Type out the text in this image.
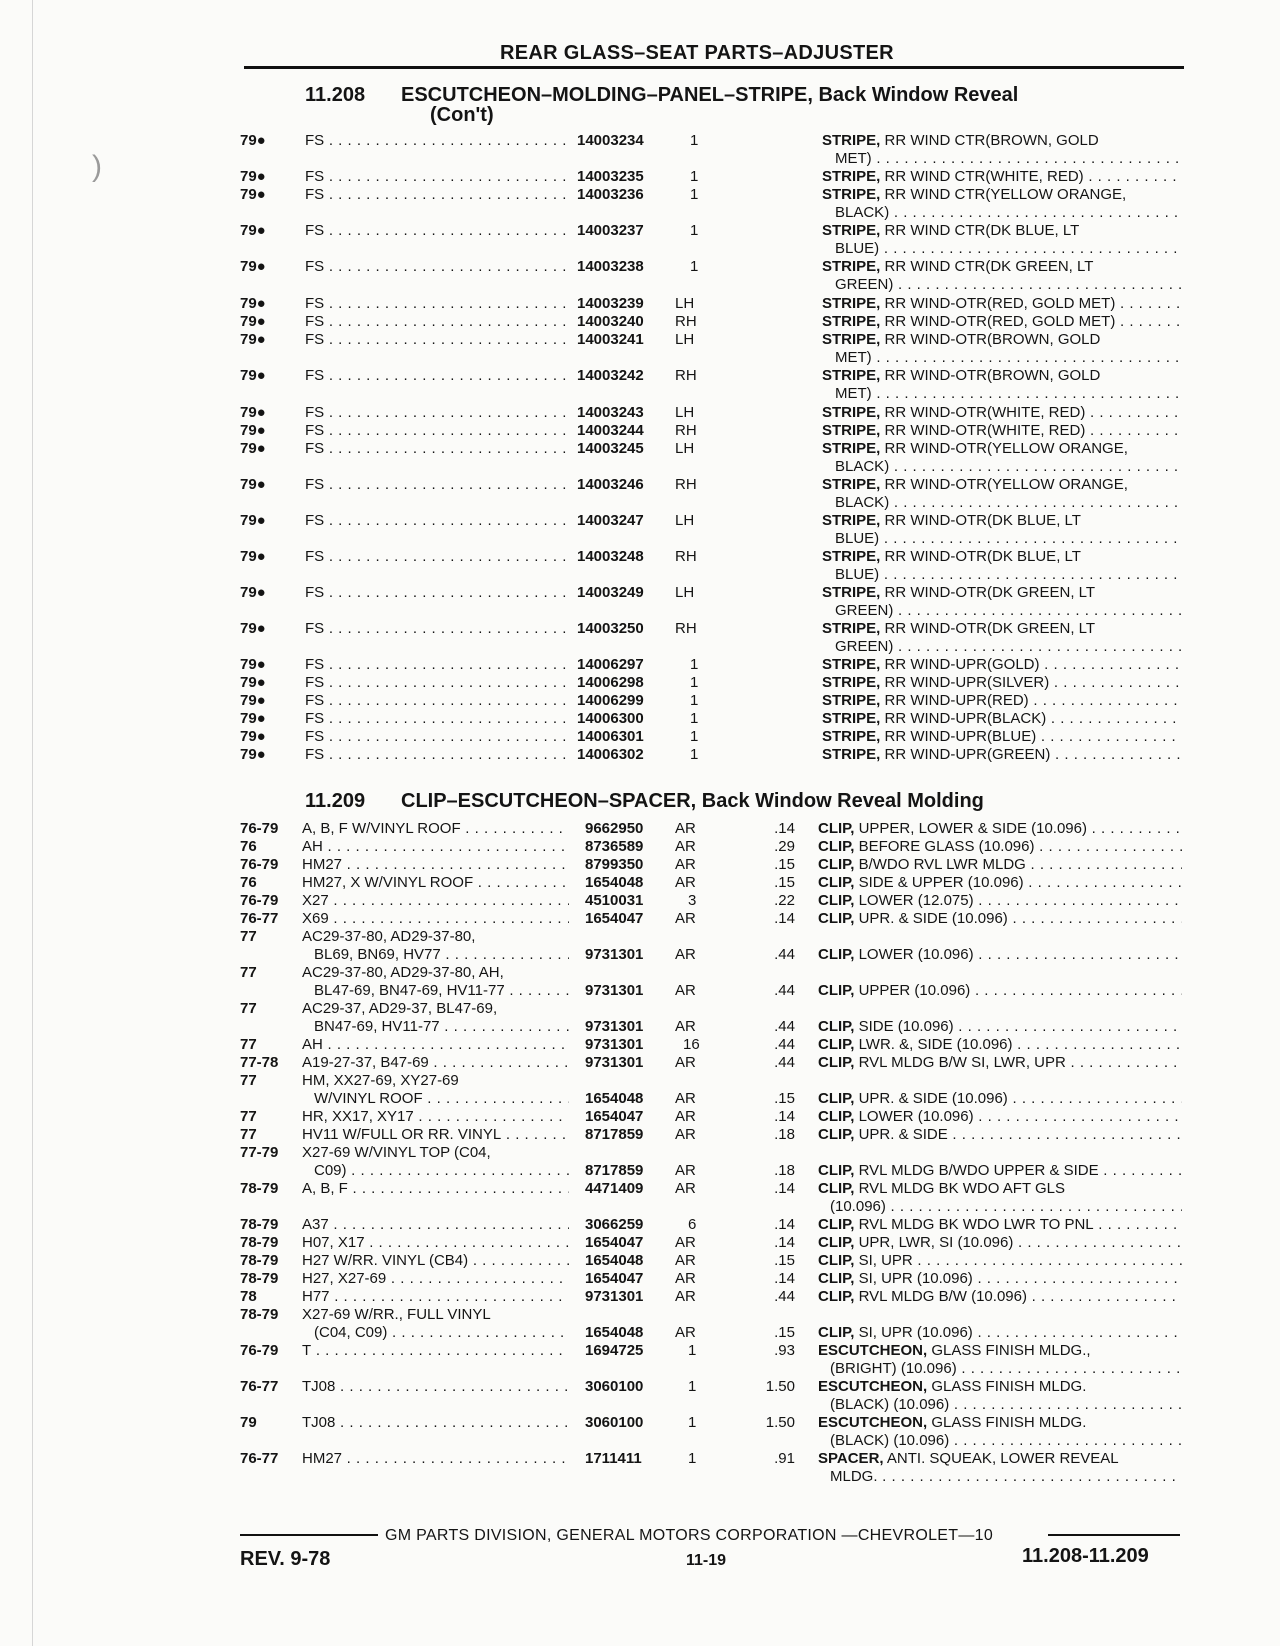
)
REAR GLASS–SEAT PARTS–ADJUSTER
11.208 ESCUTCHEON–MOLDING–PANEL–STRIPE, Back Window Reveal
(Con't)
79●	FS . . .	14003234	1	STRIPE, RR WIND CTR(BROWN, GOLD
MET) . . .
79●	FS . . .	14003235	1	STRIPE, RR WIND CTR(WHITE, RED) . . .
79●	FS . . .	14003236	1	STRIPE, RR WIND CTR(YELLOW ORANGE,
BLACK) . . .
79●	FS . . .	14003237	1	STRIPE, RR WIND CTR(DK BLUE, LT
BLUE) . . .
79●	FS . . .	14003238	1	STRIPE, RR WIND CTR(DK GREEN, LT
GREEN) . . .
79●	FS . . .	14003239 LH	STRIPE, RR WIND-OTR(RED, GOLD MET) . . .
79●	FS . . .	14003240 RH	STRIPE, RR WIND-OTR(RED, GOLD MET) . . .
79●	FS . . .	14003241 LH	STRIPE, RR WIND-OTR(BROWN, GOLD
MET) . . .
79●	FS . . .	14003242 RH	STRIPE, RR WIND-OTR(BROWN, GOLD
MET) . . .
79●	FS . . .	14003243 LH	STRIPE, RR WIND-OTR(WHITE, RED) . . .
79●	FS . . .	14003244 RH	STRIPE, RR WIND-OTR(WHITE, RED) . . .
79●	FS . . .	14003245 LH	STRIPE, RR WIND-OTR(YELLOW ORANGE,
BLACK) . . .
79●	FS . . .	14003246 RH	STRIPE, RR WIND-OTR(YELLOW ORANGE,
BLACK) . . .
79●	FS . . .	14003247 LH	STRIPE, RR WIND-OTR(DK BLUE, LT
BLUE) . . .
79●	FS . . .	14003248 RH	STRIPE, RR WIND-OTR(DK BLUE, LT
BLUE) . . .
79●	FS . . .	14003249 LH	STRIPE, RR WIND-OTR(DK GREEN, LT
GREEN) . . .
79●	FS . . .	14003250 RH	STRIPE, RR WIND-OTR(DK GREEN, LT
GREEN) . . .
79●	FS . . .	14006297	1	STRIPE, RR WIND-UPR(GOLD) . . .
79●	FS . . .	14006298	1	STRIPE, RR WIND-UPR(SILVER) . . .
79●	FS . . .	14006299	1	STRIPE, RR WIND-UPR(RED) . . .
79●	FS . . .	14006300	1	STRIPE, RR WIND-UPR(BLACK) . . .
79●	FS . . .	14006301	1	STRIPE, RR WIND-UPR(BLUE) . . .
79●	FS . . .	14006302	1	STRIPE, RR WIND-UPR(GREEN) . . .
11.209 CLIP–ESCUTCHEON–SPACER, Back Window Reveal Molding
76-79 A, B, F W/VINYL ROOF . . .	9662950 AR	.14 CLIP, UPPER, LOWER & SIDE (10.096) . . .
76	AH . . .	8736589 AR	.29 CLIP, BEFORE GLASS (10.096) . . .
76-79 HM27 . . .	8799350 AR	.15 CLIP, B/WDO RVL LWR MLDG . . .
76	HM27, X W/VINYL ROOF . . .	1654048 AR	.15 CLIP, SIDE & UPPER (10.096) . . .
76-79 X27 . . .	4510031	3	.22 CLIP, LOWER (12.075) . . .
76-77 X69 . . .	1654047 AR	.14 CLIP, UPR. & SIDE (10.096) . . .
77	AC29-37-80, AD29-37-80,
BL69, BN69, HV77 . . .	9731301 AR	.44 CLIP, LOWER (10.096) . . .
77	AC29-37-80, AD29-37-80, AH,
BL47-69, BN47-69, HV11-77 . . .	9731301 AR	.44 CLIP, UPPER (10.096) . . .
77	AC29-37, AD29-37, BL47-69,
BN47-69, HV11-77 . . .	9731301 AR	.44 CLIP, SIDE (10.096) . . .
77	AH . . .	9731301	16	.44 CLIP, LWR. &, SIDE (10.096) . . .
77-78 A19-27-37, B47-69 . . .	9731301 AR	.44 CLIP, RVL MLDG B/W SI, LWR, UPR . . .
77	HM, XX27-69, XY27-69
W/VINYL ROOF . . .	1654048 AR	.15 CLIP, UPR. & SIDE (10.096) . . .
77	HR, XX17, XY17 . . .	1654047 AR	.14 CLIP, LOWER (10.096) . . .
77	HV11 W/FULL OR RR. VINYL . . .	8717859 AR	.18 CLIP, UPR. & SIDE . . .
77-79 X27-69 W/VINYL TOP (C04,
C09) . . .	8717859 AR	.18 CLIP, RVL MLDG B/WDO UPPER & SIDE . . .
78-79 A, B, F . . .	4471409 AR	.14 CLIP, RVL MLDG BK WDO AFT GLS
(10.096) . . .
78-79 A37 . . .	3066259	6	.14 CLIP, RVL MLDG BK WDO LWR TO PNL . . .
78-79 H07, X17 . . .	1654047 AR	.14 CLIP, UPR, LWR, SI (10.096) . . .
78-79 H27 W/RR. VINYL (CB4) . . .	1654048 AR	.15 CLIP, SI, UPR . . .
78-79 H27, X27-69 . . .	1654047 AR	.14 CLIP, SI, UPR (10.096) . . .
78	H77 . . .	9731301 AR	.44 CLIP, RVL MLDG B/W (10.096) . . .
78-79 X27-69 W/RR., FULL VINYL
(C04, C09) . . .	1654048 AR	.15 CLIP, SI, UPR (10.096) . . .
76-79 T . . .	1694725	1	.93 ESCUTCHEON, GLASS FINISH MLDG.,
(BRIGHT) (10.096) . . .
76-77 TJ08 . . .	3060100	1	1.50 ESCUTCHEON, GLASS FINISH MLDG.
(BLACK) (10.096) . . .
79	TJ08 . . .	3060100	1	1.50 ESCUTCHEON, GLASS FINISH MLDG.
(BLACK) (10.096) . . .
76-77 HM27 . . .	1711411	1	.91 SPACER, ANTI. SQUEAK, LOWER REVEAL
MLDG. . . .
GM PARTS DIVISION, GENERAL MOTORS CORPORATION —CHEVROLET—10
REV. 9-78	11-19	11.208-11.209
